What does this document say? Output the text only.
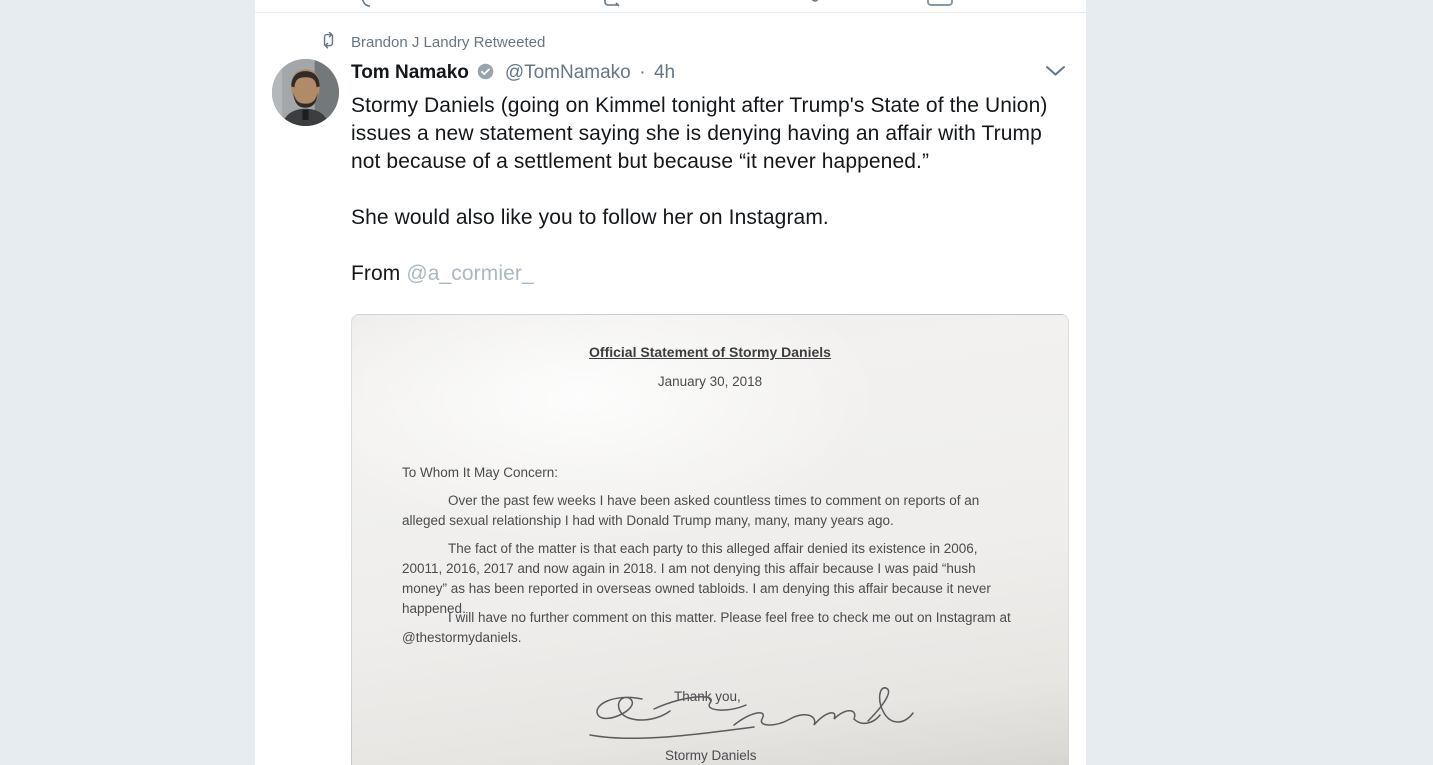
Brandon J Landry Retweeted
Tom Namako @TomNamako · 4h

Stormy Daniels (going on Kimmel tonight after Trump's State of the Union) issues a new statement saying she is denying having an affair with Trump not because of a settlement but because “it never happened.”

She would also like you to follow her on Instagram.

From @a_cormier_

Official Statement of Stormy Daniels
January 30, 2018
To Whom It May Concern:
Over the past few weeks I have been asked countless times to comment on reports of an alleged sexual relationship I had with Donald Trump many, many, many years ago.
The fact of the matter is that each party to this alleged affair denied its existence in 2006, 20011, 2016, 2017 and now again in 2018. I am not denying this affair because I was paid “hush money” as has been reported in overseas owned tabloids. I am denying this affair because it never happened.
I will have no further comment on this matter. Please feel free to check me out on Instagram at @thestormydaniels.
Thank you,
Stormy Daniels
